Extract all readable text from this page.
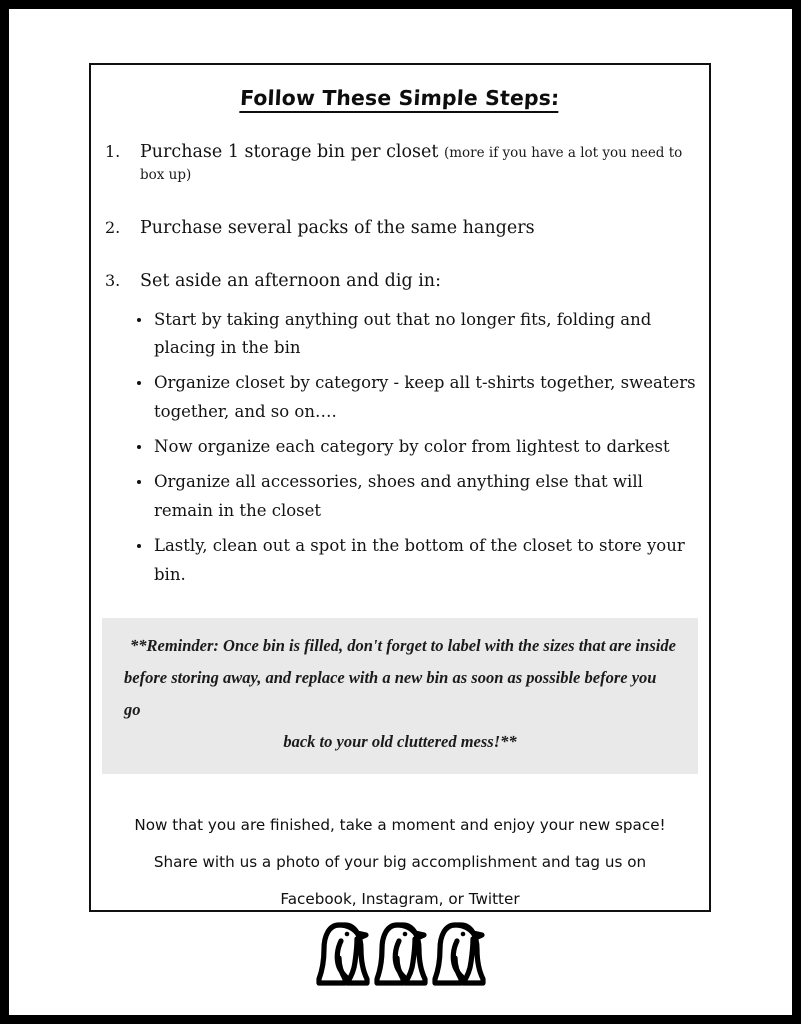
Follow These Simple Steps:
1. Purchase 1 storage bin per closet (more if you have a lot you need to box up)
2. Purchase several packs of the same hangers
3. Set aside an afternoon and dig in:
Start by taking anything out that no longer fits, folding and placing in the bin
Organize closet by category - keep all t-shirts together, sweaters together, and so on….
Now organize each category by color from lightest to darkest
Organize all accessories, shoes and anything else that will remain in the closet
Lastly, clean out a spot in the bottom of the closet to store your bin.
**Reminder: Once bin is filled, don't forget to label with the sizes that are inside
before storing away, and replace with a new bin as soon as possible before you go
back to your old cluttered mess!**
Now that you are finished, take a moment and enjoy your new space!
Share with us a photo of your big accomplishment and tag us on
Facebook, Instagram, or Twitter
